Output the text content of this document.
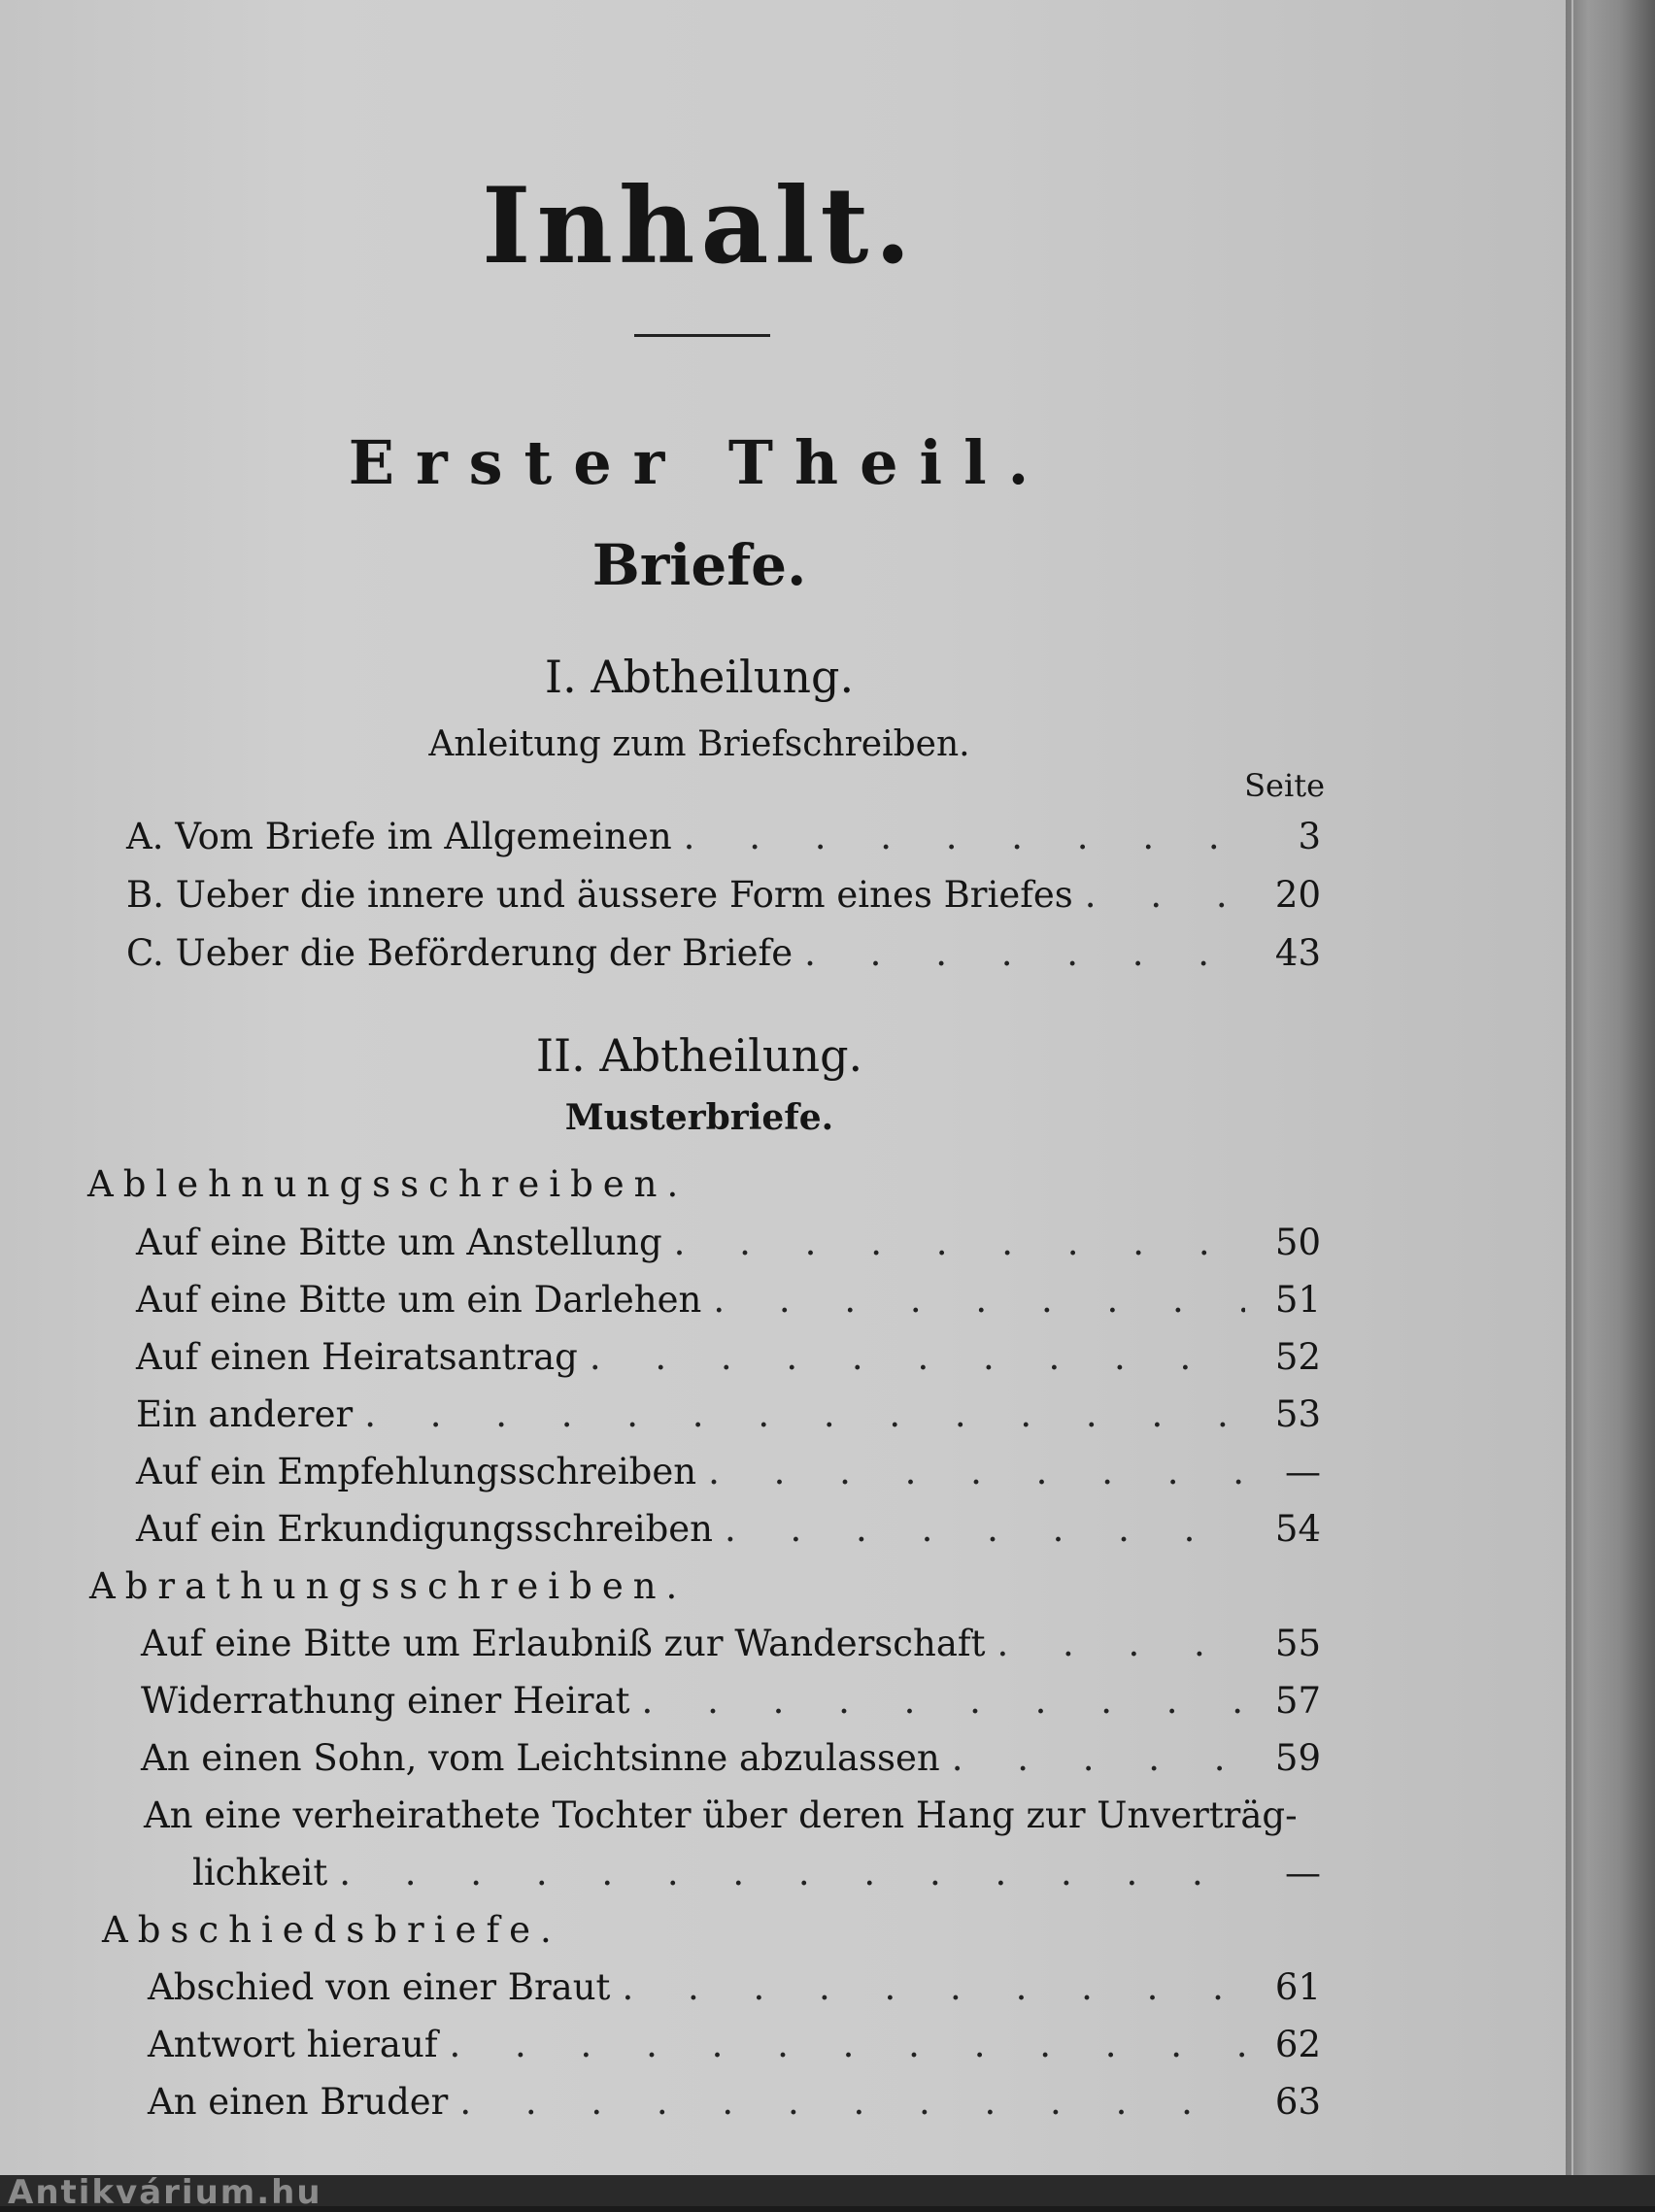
Inhalt.
Erster Theil.
Briefe.
I. Abtheilung.
Anleitung zum Briefschreiben.
Seite
A. Vom Briefe im Allgemeinen . . .	3
B. Ueber die innere und äussere Form eines Briefes . . .	20
C. Ueber die Beförderung der Briefe . . .	43
II. Abtheilung.
Musterbriefe.
Ablehnungsschreiben.
Auf eine Bitte um Anstellung . . .	50
Auf eine Bitte um ein Darlehen . . .	51
Auf einen Heiratsantrag . . .	52
Ein anderer . . .	53
Auf ein Empfehlungsschreiben . . .	—
Auf ein Erkundigungsschreiben . . .	54
Abrathungsschreiben.
Auf eine Bitte um Erlaubniß zur Wanderschaft . . .	55
Widerrathung einer Heirat . . .	57
An einen Sohn, vom Leichtsinne abzulassen . . .	59
An eine verheirathete Tochter über deren Hang zur Unverträg-
lichkeit . . .	—
Abschiedsbriefe.
Abschied von einer Braut . . .	61
Antwort hierauf . . .	62
An einen Bruder . . .	63
Antikvárium.hu
